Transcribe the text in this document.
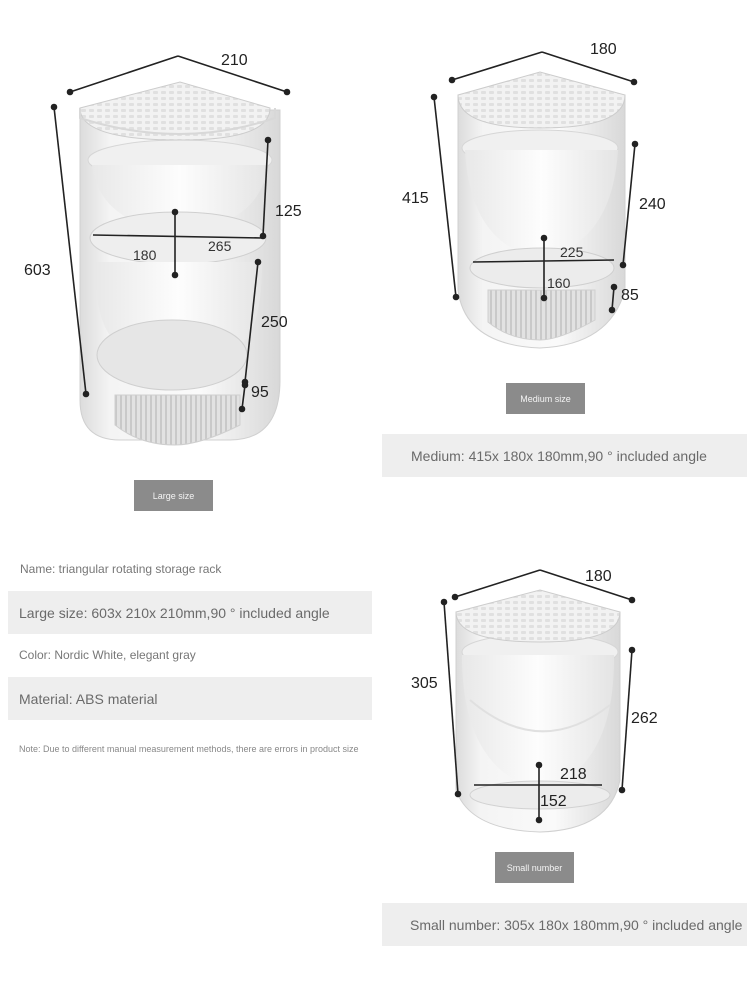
210
603
125
180
265
250
95
180
415	240
225
160
85
180
305
262
218
152
Large size
Medium size
Small number
Medium: 415x 180x 180mm,90 ° included angle
Small number: 305x 180x 180mm,90 ° included angle
Name: triangular rotating storage rack
Large size: 603x 210x 210mm,90 ° included angle
Color: Nordic White, elegant gray
Material: ABS material
Note: Due to different manual measurement methods, there are errors in product size
